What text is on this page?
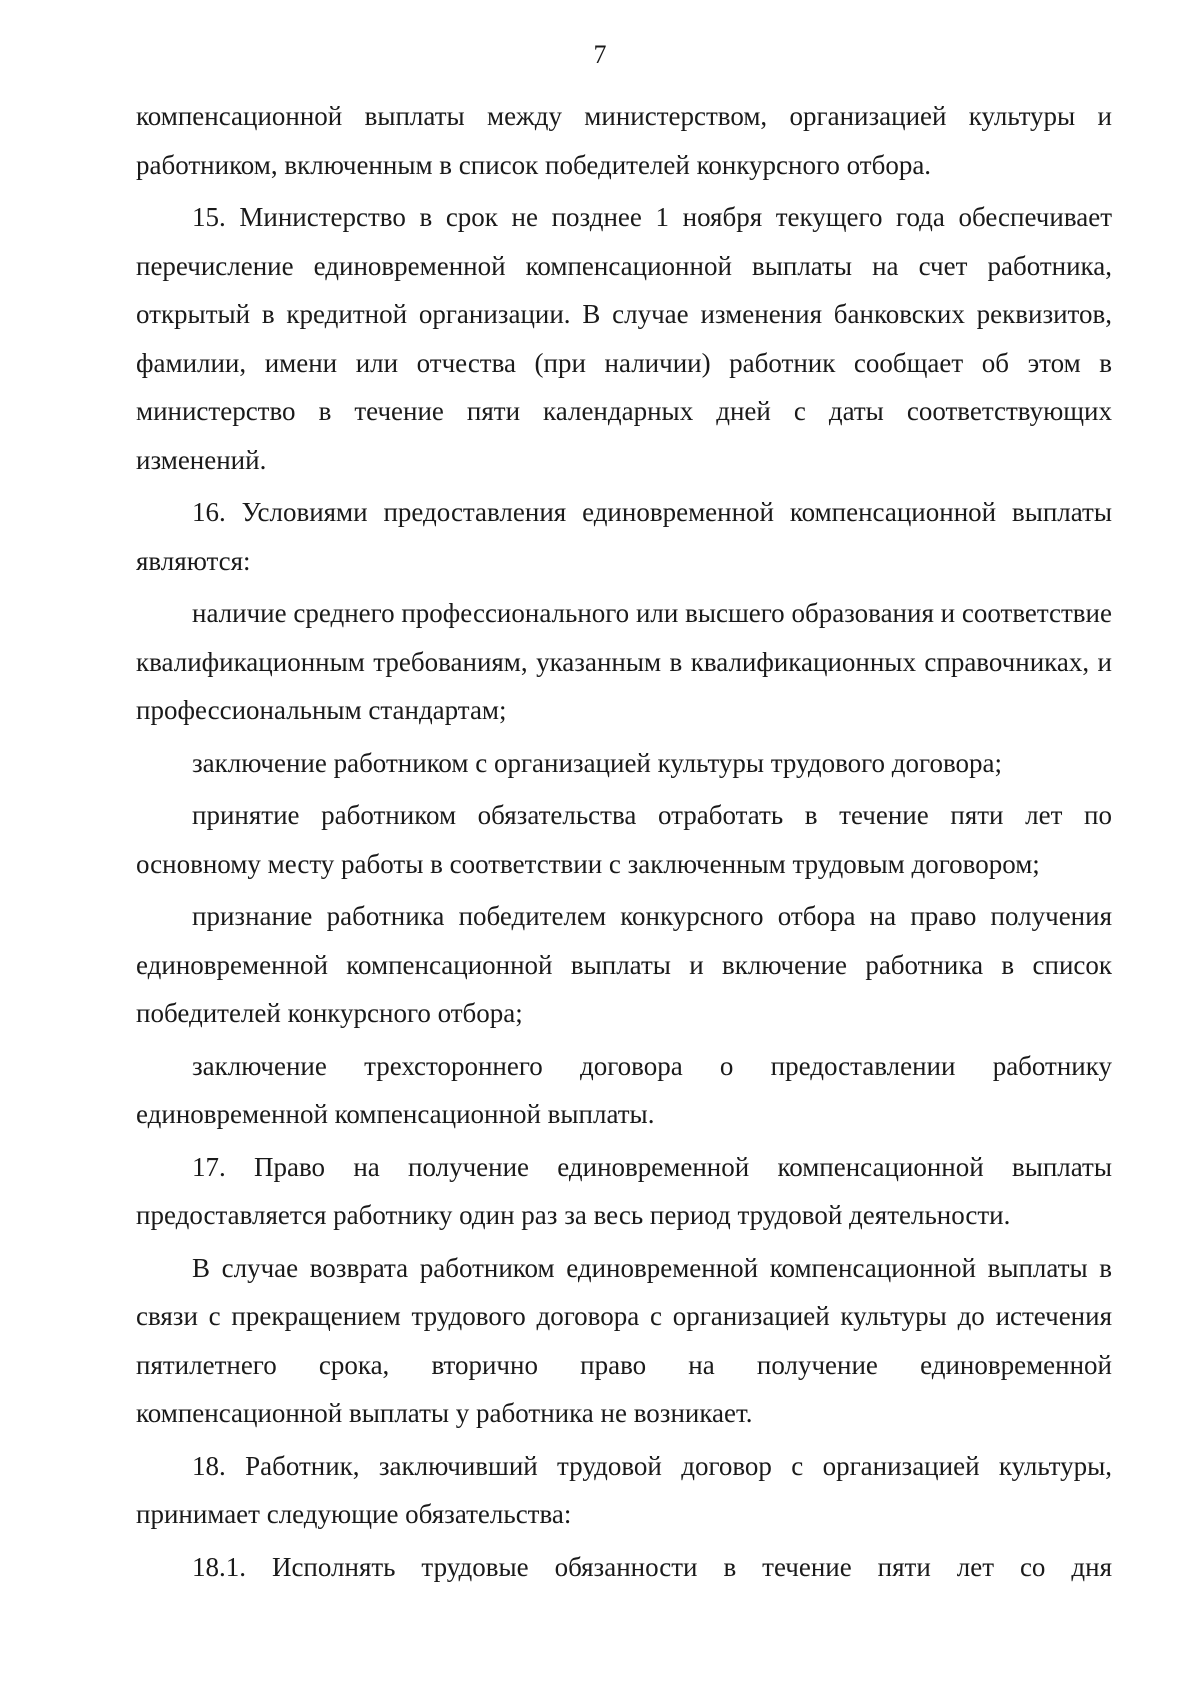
7

компенсационной выплаты между министерством, организацией культуры и работником, включенным в список победителей конкурсного отбора.

15. Министерство в срок не позднее 1 ноября текущего года обеспечивает перечисление единовременной компенсационной выплаты на счет работника, открытый в кредитной организации. В случае изменения банковских реквизитов, фамилии, имени или отчества (при наличии) работник сообщает об этом в министерство в течение пяти календарных дней с даты соответствующих изменений.

16. Условиями предоставления единовременной компенсационной выплаты являются:

наличие среднего профессионального или высшего образования и соответствие квалификационным требованиям, указанным в квалификационных справочниках, и профессиональным стандартам;

заключение работником с организацией культуры трудового договора;

принятие работником обязательства отработать в течение пяти лет по основному месту работы в соответствии с заключенным трудовым договором;

признание работника победителем конкурсного отбора на право получения единовременной компенсационной выплаты и включение работника в список победителей конкурсного отбора;

заключение трехстороннего договора о предоставлении работнику единовременной компенсационной выплаты.

17. Право на получение единовременной компенсационной выплаты предоставляется работнику один раз за весь период трудовой деятельности.

В случае возврата работником единовременной компенсационной выплаты в связи с прекращением трудового договора с организацией культуры до истечения пятилетнего срока, вторично право на получение единовременной компенсационной выплаты у работника не возникает.

18. Работник, заключивший трудовой договор с организацией культуры, принимает следующие обязательства:

18.1. Исполнять трудовые обязанности в течение пяти лет со дня
